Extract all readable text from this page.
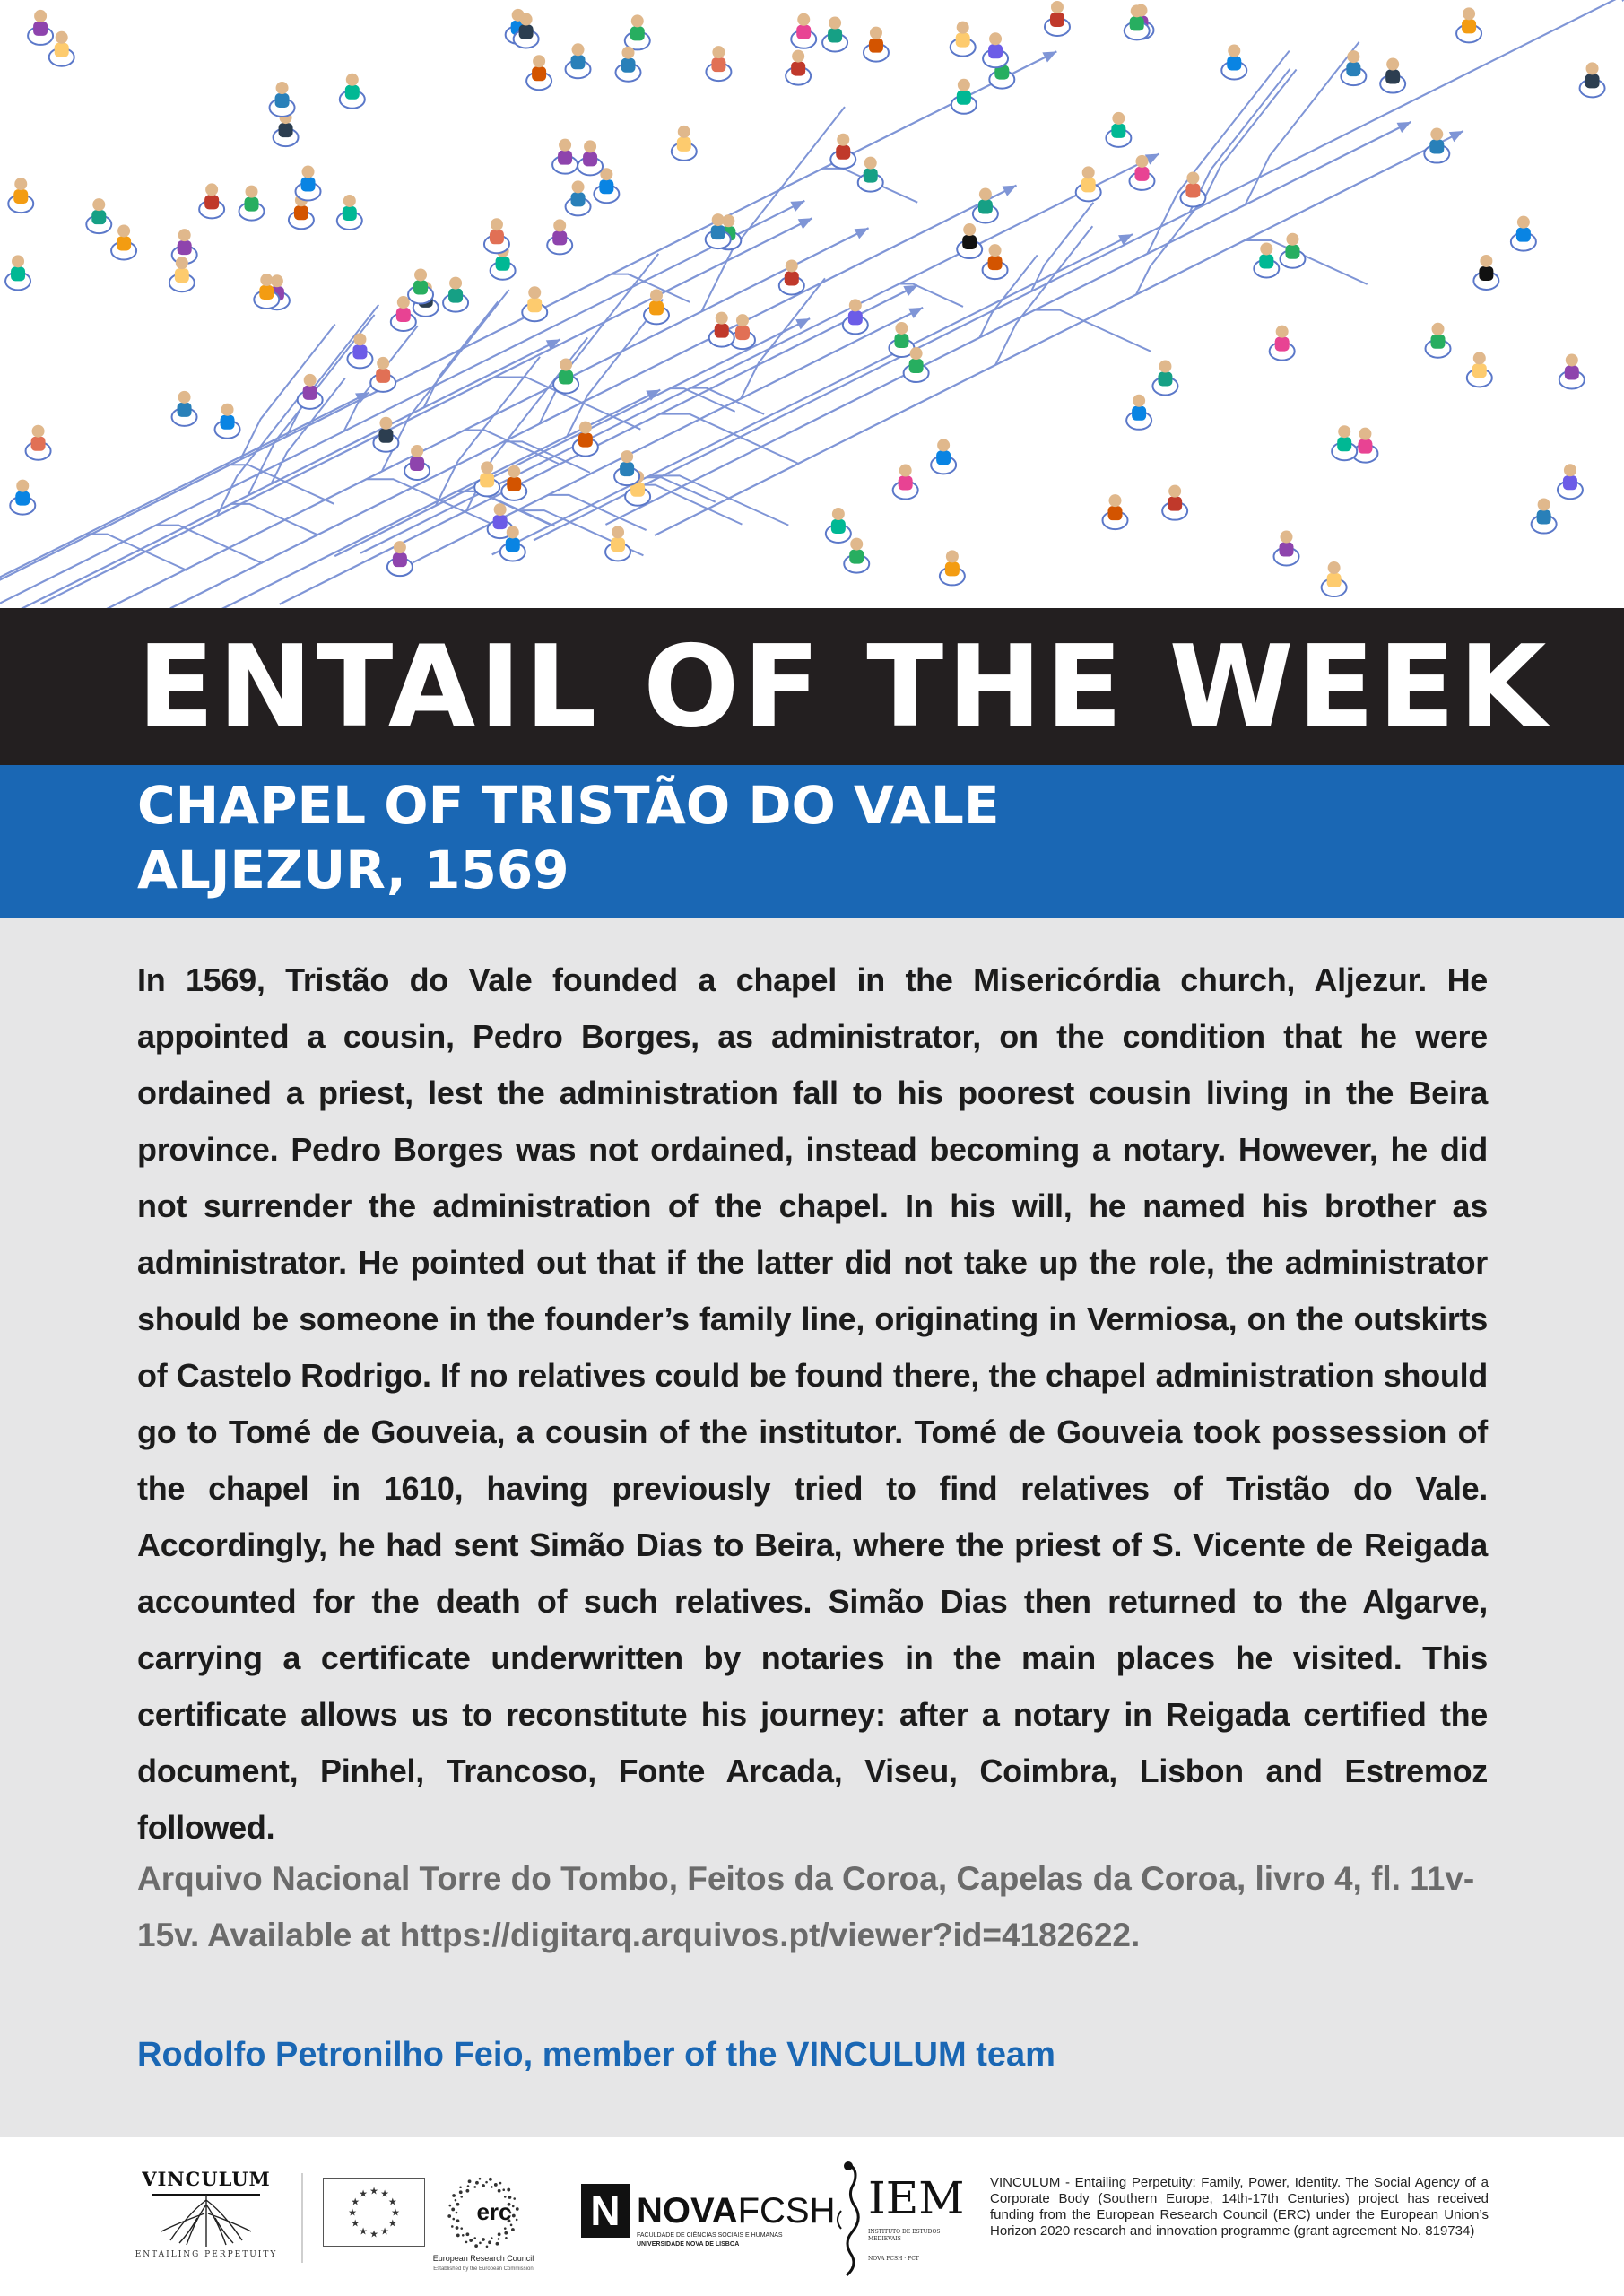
ENTAIL OF THE WEEK
CHAPEL OF TRISTÃO DO VALE
ALJEZUR, 1569

In 1569, Tristão do Vale founded a chapel in the Misericórdia church, Aljezur. He appointed a cousin, Pedro Borges, as administrator, on the condition that he were ordained a priest, lest the administration fall to his poorest cousin living in the Beira province. Pedro Borges was not ordained, instead becoming a notary. However, he did not surrender the administration of the chapel. In his will, he named his brother as administrator. He pointed out that if the latter did not take up the role, the administrator should be someone in the founder’s family line, originating in Vermiosa, on the outskirts of Castelo Rodrigo. If no relatives could be found there, the chapel administration should go to Tomé de Gouveia, a cousin of the institutor. Tomé de Gouveia took possession of the chapel in 1610, having previously tried to find relatives of Tristão do Vale. Accordingly, he had sent Simão Dias to Beira, where the priest of S. Vicente de Reigada accounted for the death of such relatives. Simão Dias then returned to the Algarve, carrying a certificate underwritten by notaries in the main places he visited. This certificate allows us to reconstitute his journey: after a notary in Reigada certified the document, Pinhel, Trancoso, Fonte Arcada, Viseu, Coimbra, Lisbon and Estremoz followed.

Arquivo Nacional Torre do Tombo, Feitos da Coroa, Capelas da Coroa, livro 4, fl. 11v-15v. Available at https://digitarq.arquivos.pt/viewer?id=4182622.

Rodolfo Petronilho Feio, member of the VINCULUM team

VINCULUM
ENTAILING PERPETUITY
★
★
★
★
★
★
★
★
★ ★ ★
★	erc
European Research Council
Established by the European Commission
N NOVAFCSH
FACULDADE DE CIÊNCIAS SOCIAIS E HUMANAS
UNIVERSIDADE NOVA DE LISBOA
IEM
INSTITUTO DE ESTUDOS MEDIEVAIS
NOVA FCSH · FCT

VINCULUM - Entailing Perpetuity: Family, Power, Identity. The Social Agency of a Corporate Body (Southern Europe, 14th-17th Centuries) project has received funding from the European Research Council (ERC) under the European Union’s Horizon 2020 research and innovation programme (grant agreement No. 819734)
